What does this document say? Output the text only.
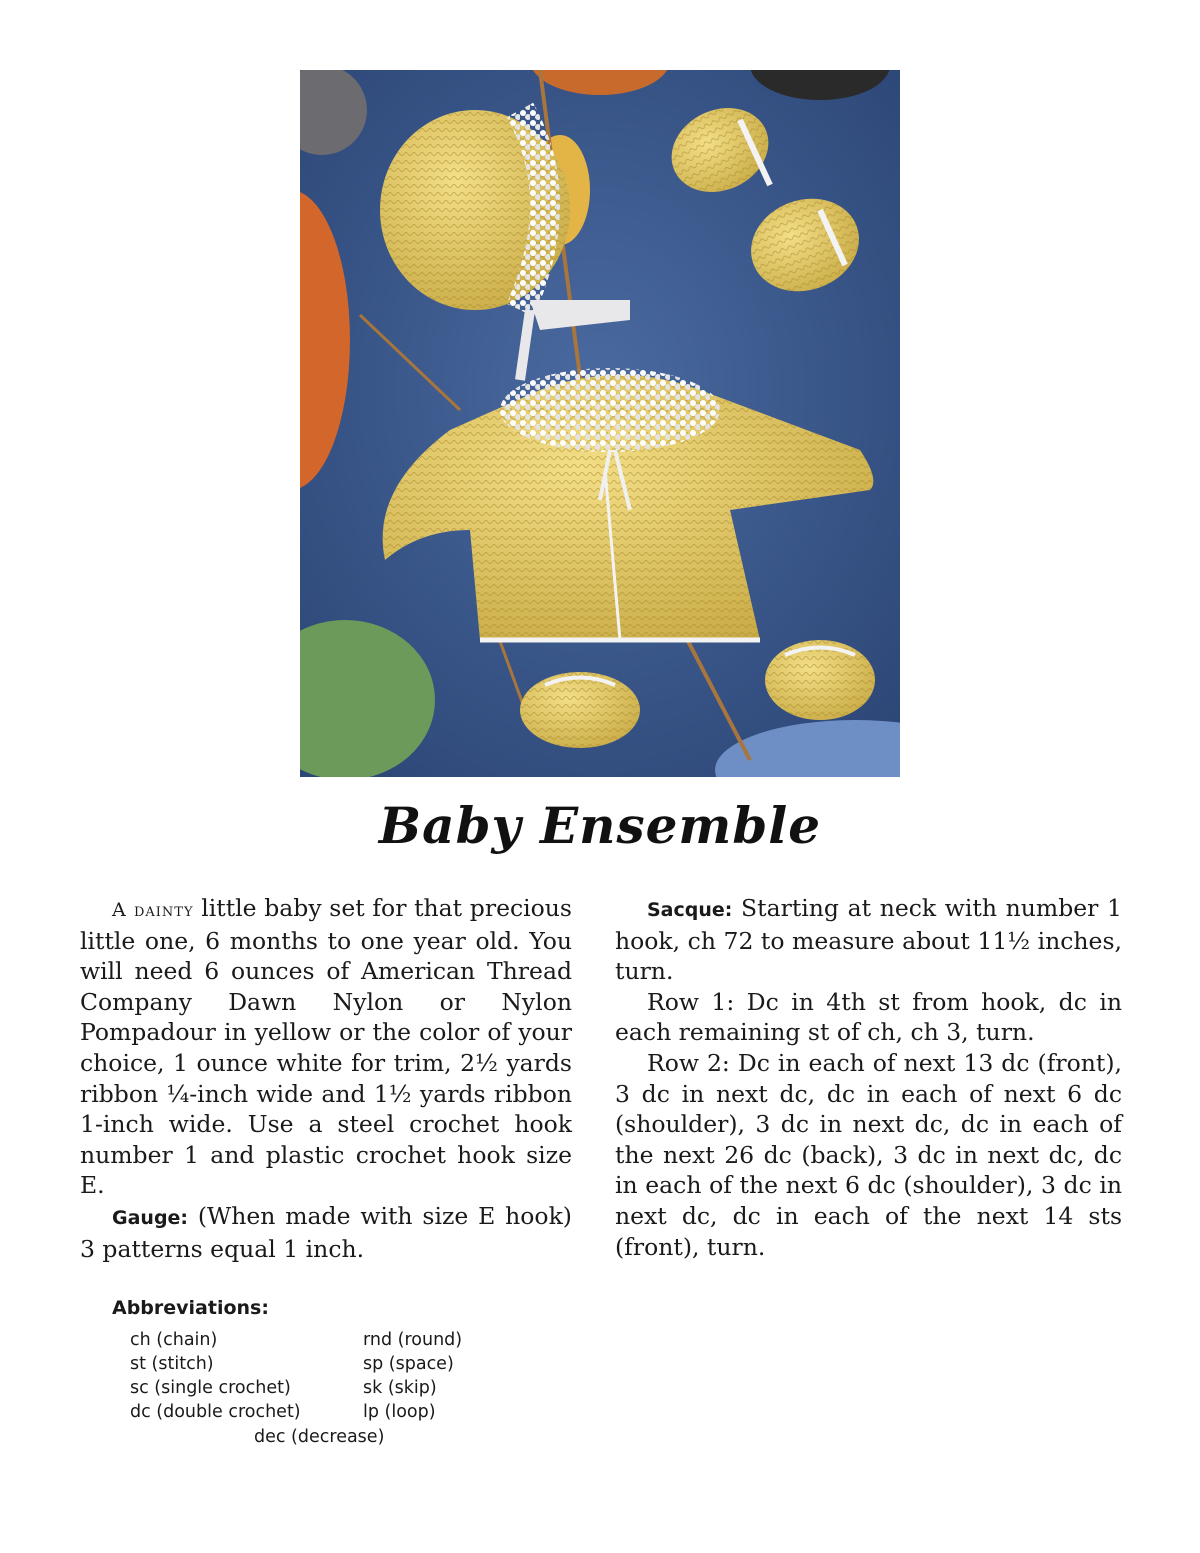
Baby Ensemble

A dainty little baby set for that precious little one, 6 months to one year old. You will need 6 ounces of American Thread Company Dawn Nylon or Nylon Pompadour in yellow or the color of your choice, 1 ounce white for trim, 2½ yards ribbon ¼-inch wide and 1½ yards ribbon 1-inch wide. Use a steel crochet hook number 1 and plastic crochet hook size E.

Gauge: (When made with size E hook) 3 patterns equal 1 inch.

Abbreviations:
ch (chain)	rnd (round)
st (stitch)	sp (space)
sc (single crochet)	sk (skip)
dc (double crochet)	lp (loop)
dec (decrease)

Sacque: Starting at neck with number 1 hook, ch 72 to measure about 11½ inches, turn.

Row 1: Dc in 4th st from hook, dc in each remaining st of ch, ch 3, turn.

Row 2: Dc in each of next 13 dc (front), 3 dc in next dc, dc in each of next 6 dc (shoulder), 3 dc in next dc, dc in each of the next 26 dc (back), 3 dc in next dc, dc in each of the next 6 dc (shoulder), 3 dc in next dc, dc in each of the next 14 sts (front), turn.
